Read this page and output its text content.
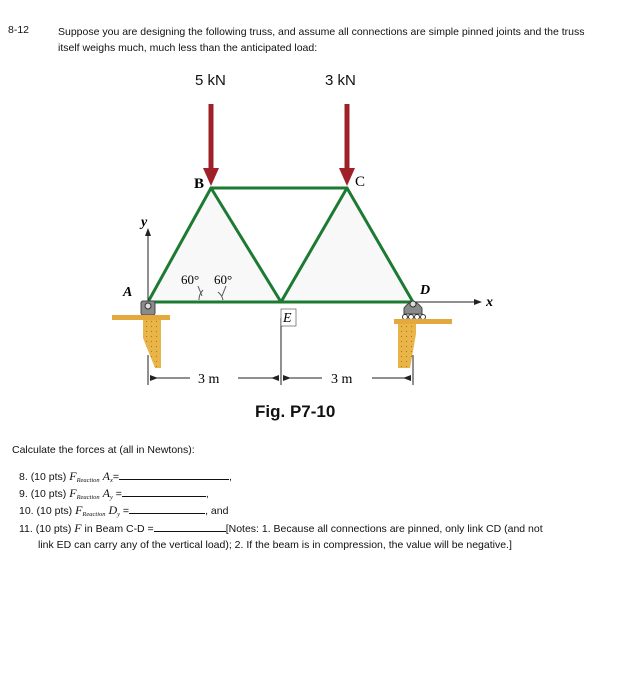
8-12	Suppose you are designing the following truss, and assume all connections are simple pinned joints and the truss itself weighs much, much less than the anticipated load:
5 kN	3 kN
B	C
E
A	D
y
x
60° 60°
3 m	3 m
Fig. P7-10
Calculate the forces at (all in Newtons):
8. (10 pts) $F_{Reaction}$ $A_x=$	,
9. (10 pts) $F_{Reaction}$ $A_y$ =	,
10. (10 pts) $F_{Reaction}$ $D_y$ =	, and
11. (10 pts) F in Beam C-D =	[Notes: 1. Because all connections are pinned, only link CD (and not
link ED can carry any of the vertical load); 2. If the beam is in compression, the value will be negative.]
